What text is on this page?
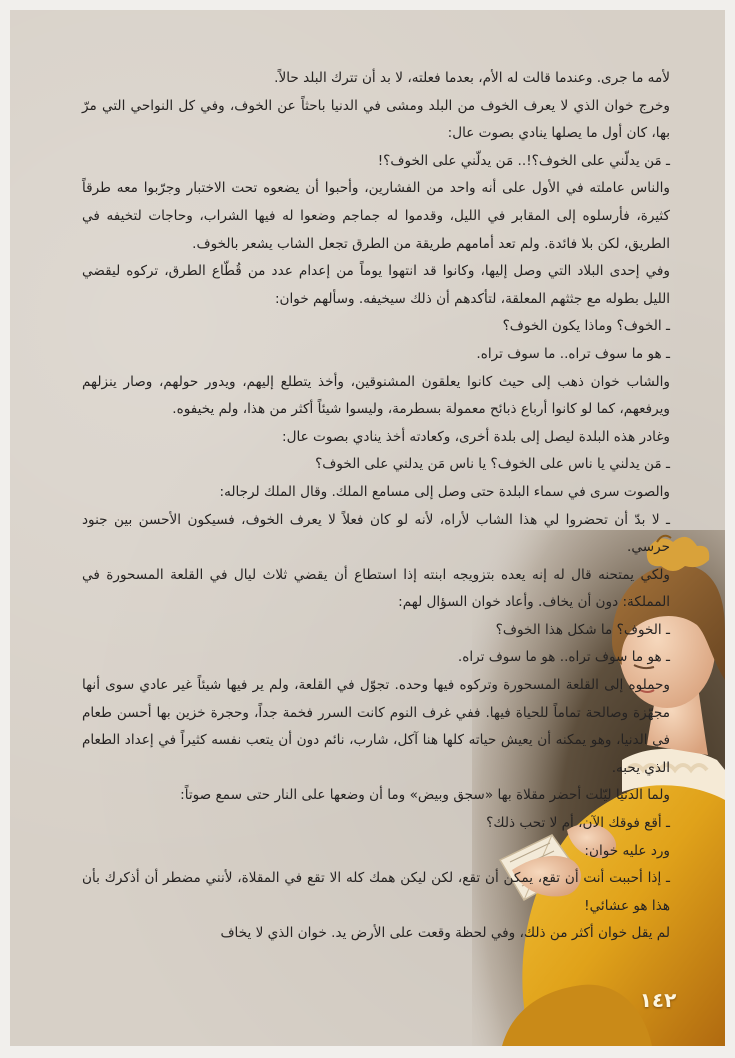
لأمه ما جرى. وعندما قالت له الأم، بعدما فعلته، لا بد أن تترك البلد حالاً.

وخرج خوان الذي لا يعرف الخوف من البلد ومشى في الدنيا باحثاً عن الخوف، وفي كل النواحي التي مرّ بها، كان أول ما يصلها ينادي بصوت عال:

ـ مَن يدلّني على الخوف؟!.. مَن يدلّني على الخوف؟!

والناس عاملته في الأول على أنه واحد من الفشارين، وأحبوا أن يضعوه تحت الاختبار وجرّبوا معه طرقاً كثيرة، فأرسلوه إلى المقابر في الليل، وقدموا له جماجم وضعوا له فيها الشراب، وحاجات لتخيفه في الطريق، لكن بلا فائدة. ولم تعد أمامهم طريقة من الطرق تجعل الشاب يشعر بالخوف.

وفي إحدى البلاد التي وصل إليها، وكانوا قد انتهوا يوماً من إعدام عدد من قُطّاع الطرق، تركوه ليقضي الليل بطوله مع جثثهم المعلقة، لتأكدهم أن ذلك سيخيفه. وسألهم خوان:

ـ الخوف؟ وماذا يكون الخوف؟

ـ هو ما سوف تراه.. ما سوف تراه.

والشاب خوان ذهب إلى حيث كانوا يعلقون المشنوقين، وأخذ يتطلع إليهم، ويدور حولهم، وصار ينزلهم ويرفعهم، كما لو كانوا أرباع ذبائح معمولة بسطرمة، وليسوا شيئاً أكثر من هذا، ولم يخيفوه.

وغادر هذه البلدة ليصل إلى بلدة أخرى، وكعادته أخذ ينادي بصوت عال:

ـ مَن يدلني يا ناس على الخوف؟ يا ناس مَن يدلني على الخوف؟

والصوت سرى في سماء البلدة حتى وصل إلى مسامع الملك. وقال الملك لرجاله:

ـ لا بدّ أن تحضروا لي هذا الشاب لأراه، لأنه لو كان فعلاً لا يعرف الخوف، فسيكون الأحسن بين جنود حرسي.

ولكي يمتحنه قال له إنه يعده بتزويجه ابنته إذا استطاع أن يقضي ثلاث ليال في القلعة المسحورة في المملكة: دون أن يخاف. وأعاد خوان السؤال لهم:

ـ الخوف؟ ما شكل هذا الخوف؟

ـ هو ما سوف تراه.. هو ما سوف تراه.

وحملوه إلى القلعة المسحورة وتركوه فيها وحده. تجوّل في القلعة، ولم ير فيها شيئاً غير عادي سوى أنها مجهّزة وصالحة تماماً للحياة فيها. ففي غرف النوم كانت السرر فخمة جداً، وحجرة خزين بها أحسن طعام في الدنيا، وهو يمكنه أن يعيش حياته كلها هنا آكل، شارب، نائم دون أن يتعب نفسه كثيراً في إعداد الطعام الذي يحبه.

ولما الدنيا ليّلت أحضر مقلاة بها «سجق وبيض» وما أن وضعها على النار حتى سمع صوتاً:

ـ أقع فوقك الآن، أم لا تحب ذلك؟

ورد عليه خوان:

ـ إذا أحببت أنت أن تقع، يمكن أن تقع، لكن ليكن همك كله الا تقع في المقلاة، لأنني مضطر أن أذكرك بأن هذا هو عشائي!

لم يقل خوان أكثر من ذلك، وفي لحظة وقعت على الأرض يد. خوان الذي لا يخاف

١٤٢
